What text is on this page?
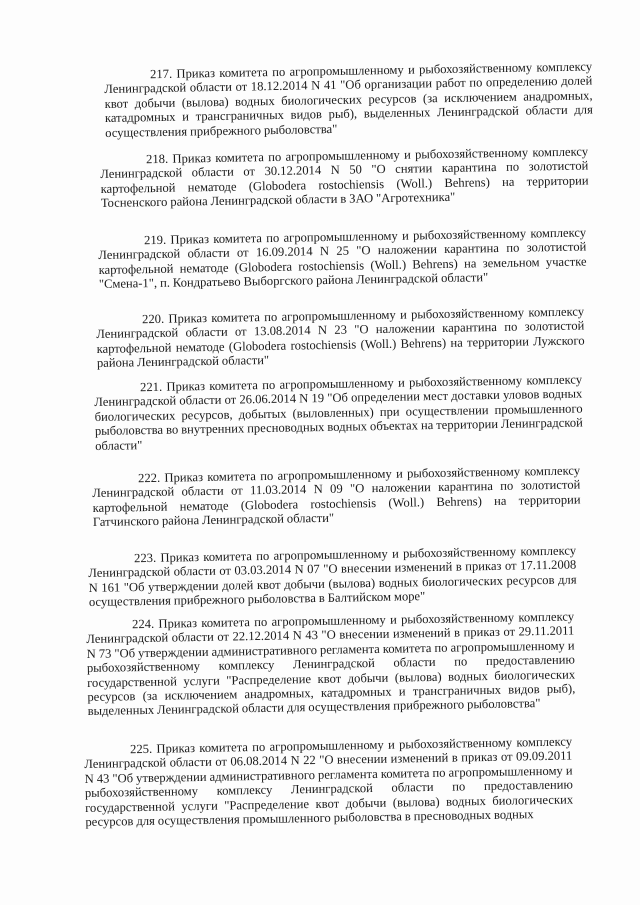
217. Приказ комитета по агропромышленному и рыбохозяйственному комплексу Ленинградской области от 18.12.2014 N 41 "Об организации работ по определению долей квот добычи (вылова) водных биологических ресурсов (за исключением анадромных, катадромных и трансграничных видов рыб), выделенных Ленинградской области для осуществления прибрежного рыболовства"

218. Приказ комитета по агропромышленному и рыбохозяйственному комплексу Ленинградской области от 30.12.2014 N 50 "О снятии карантина по золотистой картофельной нематоде (Globodera rostochiensis (Woll.) Behrens) на территории Тосненского района Ленинградской области в ЗАО "Агротехника"

219. Приказ комитета по агропромышленному и рыбохозяйственному комплексу Ленинградской области от 16.09.2014 N 25 "О наложении карантина по золотистой картофельной нематоде (Globodera rostochiensis (Woll.) Behrens) на земельном участке "Смена-1", п. Кондратьево Выборгского района Ленинградской области"

220. Приказ комитета по агропромышленному и рыбохозяйственному комплексу Ленинградской области от 13.08.2014 N 23 "О наложении карантина по золотистой картофельной нематоде (Globodera rostochiensis (Woll.) Behrens) на территории Лужского района Ленинградской области"

221. Приказ комитета по агропромышленному и рыбохозяйственному комплексу Ленинградской области от 26.06.2014 N 19 "Об определении мест доставки уловов водных биологических ресурсов, добытых (выловленных) при осуществлении промышленного рыболовства во внутренних пресноводных водных объектах на территории Ленинградской области"

222. Приказ комитета по агропромышленному и рыбохозяйственному комплексу Ленинградской области от 11.03.2014 N 09 "О наложении карантина по золотистой картофельной нематоде (Globodera rostochiensis (Woll.) Behrens) на территории Гатчинского района Ленинградской области"

223. Приказ комитета по агропромышленному и рыбохозяйственному комплексу Ленинградской области от 03.03.2014 N 07 "О внесении изменений в приказ от 17.11.2008 N 161 "Об утверждении долей квот добычи (вылова) водных биологических ресурсов для осуществления прибрежного рыболовства в Балтийском море"

224. Приказ комитета по агропромышленному и рыбохозяйственному комплексу Ленинградской области от 22.12.2014 N 43 "О внесении изменений в приказ от 29.11.2011 N 73 "Об утверждении административного регламента комитета по агропромышленному и рыбохозяйственному комплексу Ленинградской области по предоставлению государственной услуги "Распределение квот добычи (вылова) водных биологических ресурсов (за исключением анадромных, катадромных и трансграничных видов рыб), выделенных Ленинградской области для осуществления прибрежного рыболовства"

225. Приказ комитета по агропромышленному и рыбохозяйственному комплексу Ленинградской области от 06.08.2014 N 22 "О внесении изменений в приказ от 09.09.2011 N 43 "Об утверждении административного регламента комитета по агропромышленному и рыбохозяйственному комплексу Ленинградской области по предоставлению государственной услуги "Распределение квот добычи (вылова) водных биологических ресурсов для осуществления промышленного рыболовства в пресноводных водных
